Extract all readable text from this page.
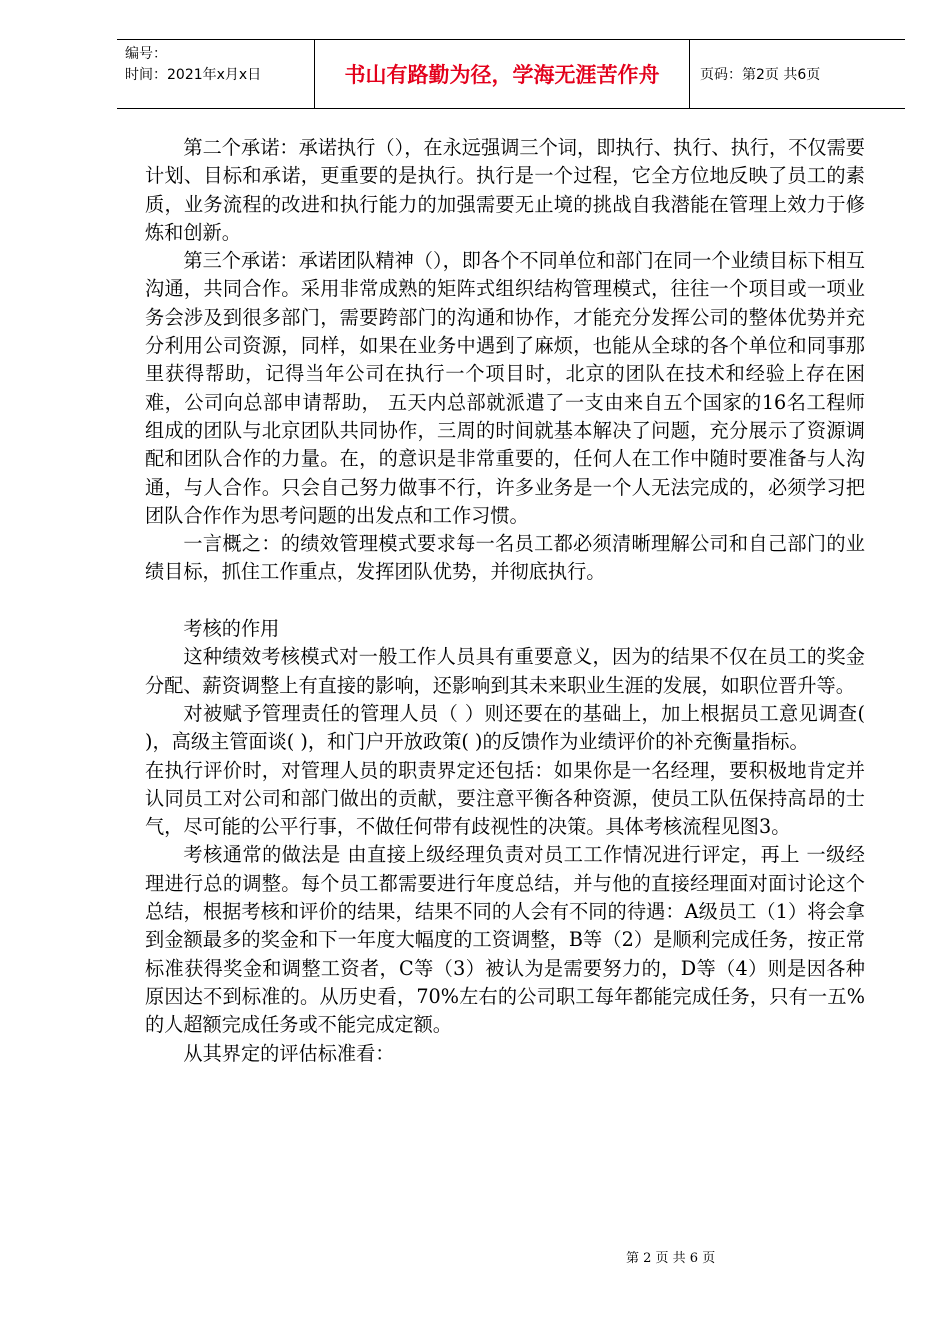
编号：
时间：2021年x月x日	书山有路勤为径，学海无涯苦作舟	页码：第2页 共6页

第二个承诺：承诺执行（），在永远强调三个词，即执行、执行、执行，不仅需要计划、目标和承诺，更重要的是执行。执行是一个过程，它全方位地反映了员工的素质，业务流程的改进和执行能力的加强需要无止境的挑战自我潜能在管理上效力于修炼和创新。

第三个承诺：承诺团队精神（），即各个不同单位和部门在同一个业绩目标下相互沟通，共同合作。采用非常成熟的矩阵式组织结构管理模式，往往一个项目或一项业务会涉及到很多部门，需要跨部门的沟通和协作，才能充分发挥公司的整体优势并充分利用公司资源，同样，如果在业务中遇到了麻烦，也能从全球的各个单位和同事那里获得帮助，记得当年公司在执行一个项目时，北京的团队在技术和经验上存在困难，公司向总部申请帮助， 五天内总部就派遣了一支由来自五个国家的16名工程师组成的团队与北京团队共同协作，三周的时间就基本解决了问题，充分展示了资源调配和团队合作的力量。在，的意识是非常重要的，任何人在工作中随时要准备与人沟通，与人合作。只会自己努力做事不行，许多业务是一个人无法完成的，必须学习把团队合作作为思考问题的出发点和工作习惯。

一言概之：的绩效管理模式要求每一名员工都必须清晰理解公司和自己部门的业绩目标，抓住工作重点，发挥团队优势，并彻底执行。

考核的作用

这种绩效考核模式对一般工作人员具有重要意义，因为的结果不仅在员工的奖金分配、薪资调整上有直接的影响，还影响到其未来职业生涯的发展，如职位晋升等。

对被赋予管理责任的管理人员（ ）则还要在的基础上，加上根据员工意见调查( )，高级主管面谈( )，和门户开放政策( )的反馈作为业绩评价的补充衡量指标。

在执行评价时，对管理人员的职责界定还包括：如果你是一名经理，要积极地肯定并认同员工对公司和部门做出的贡献，要注意平衡各种资源，使员工队伍保持高昂的士气，尽可能的公平行事，不做任何带有歧视性的决策。具体考核流程见图3。

考核通常的做法是 由直接上级经理负责对员工工作情况进行评定，再上 一级经理进行总的调整。每个员工都需要进行年度总结，并与他的直接经理面对面讨论这个总结，根据考核和评价的结果，结果不同的人会有不同的待遇：A级员工（1）将会拿到金额最多的奖金和下一年度大幅度的工资调整，B等（2）是顺利完成任务，按正常标准获得奖金和调整工资者，C等（3）被认为是需要努力的，D等（4）则是因各种原因达不到标准的。从历史看，70%左右的公司职工每年都能完成任务，只有一五%的人超额完成任务或不能完成定额。

从其界定的评估标准看：

第 2 页 共 6 页
